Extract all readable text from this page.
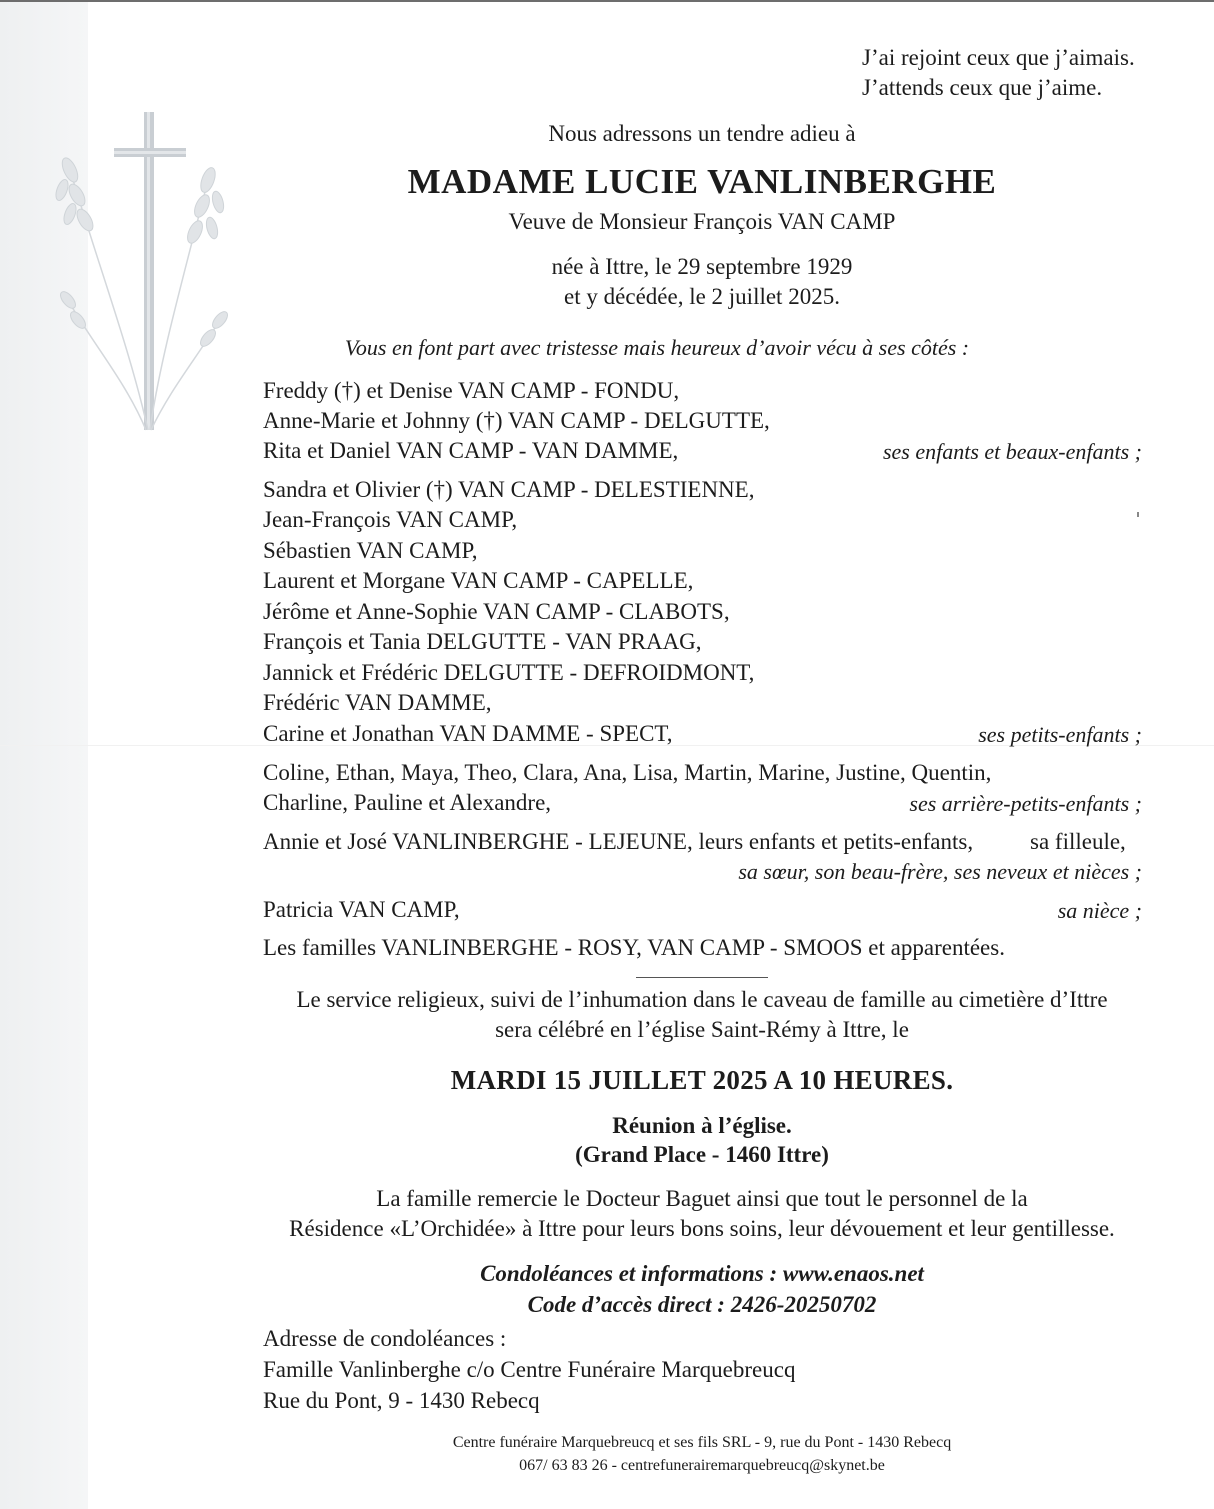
J’ai rejoint ceux que j’aimais.
J’attends ceux que j’aime.
Nous adressons un tendre adieu à
MADAME LUCIE VANLINBERGHE
Veuve de Monsieur François VAN CAMP
née à Ittre, le 29 septembre 1929
et y décédée, le 2 juillet 2025.
Vous en font part avec tristesse mais heureux d’avoir vécu à ses côtés :
Freddy (†) et Denise VAN CAMP - FONDU,
Anne-Marie et Johnny (†) VAN CAMP - DELGUTTE,
Rita et Daniel VAN CAMP - VAN DAMME,	ses enfants et beaux-enfants ;
Sandra et Olivier (†) VAN CAMP - DELESTIENNE,
Jean-François VAN CAMP,
Sébastien VAN CAMP,
Laurent et Morgane VAN CAMP - CAPELLE,
Jérôme et Anne-Sophie VAN CAMP - CLABOTS,
François et Tania DELGUTTE - VAN PRAAG,
Jannick et Frédéric DELGUTTE - DEFROIDMONT,
Frédéric VAN DAMME,
Carine et Jonathan VAN DAMME - SPECT,	ses petits-enfants ;
Coline, Ethan, Maya, Theo, Clara, Ana, Lisa, Martin, Marine, Justine, Quentin,
Charline, Pauline et Alexandre,	ses arrière-petits-enfants ;
Annie et José VANLINBERGHE - LEJEUNE, leurs enfants et petits-enfants, sa filleule,
sa sœur, son beau-frère, ses neveux et nièces ;
Patricia VAN CAMP,	sa nièce ;
Les familles VANLINBERGHE - ROSY, VAN CAMP - SMOOS et apparentées.
Le service religieux, suivi de l’inhumation dans le caveau de famille au cimetière d’Ittre
sera célébré en l’église Saint-Rémy à Ittre, le
MARDI 15 JUILLET 2025 A 10 HEURES.
Réunion à l’église.
(Grand Place - 1460 Ittre)
La famille remercie le Docteur Baguet ainsi que tout le personnel de la
Résidence «L’Orchidée» à Ittre pour leurs bons soins, leur dévouement et leur gentillesse.
Condoléances et informations : www.enaos.net
Code d’accès direct : 2426-20250702
Adresse de condoléances :
Famille Vanlinberghe c/o Centre Funéraire Marquebreucq
Rue du Pont, 9 - 1430 Rebecq
Centre funéraire Marquebreucq et ses fils SRL - 9, rue du Pont - 1430 Rebecq
067/ 63 83 26 - centrefunerairemarquebreucq@skynet.be
